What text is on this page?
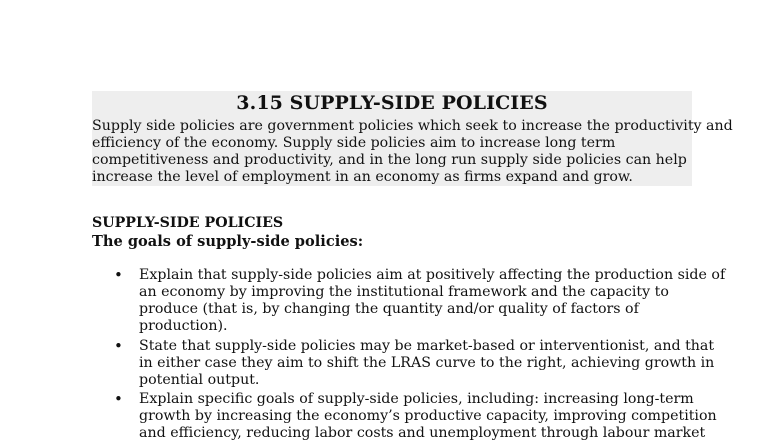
3.15 SUPPLY-SIDE POLICIES
Supply side policies are government policies which seek to increase the productivity and
efficiency of the economy. Supply side policies aim to increase long term
competitiveness and productivity, and in the long run supply side policies can help
increase the level of employment in an economy as firms expand and grow.
SUPPLY-SIDE POLICIES
The goals of supply-side policies:
• Explain that supply-side policies aim at positively affecting the production side of
an economy by improving the institutional framework and the capacity to
produce (that is, by changing the quantity and/or quality of factors of
production).
• State that supply-side policies may be market-based or interventionist, and that
in either case they aim to shift the LRAS curve to the right, achieving growth in
potential output.
• Explain specific goals of supply-side policies, including: increasing long-term
growth by increasing the economy’s productive capacity, improving competition
and efficiency, reducing labor costs and unemployment through labour market
